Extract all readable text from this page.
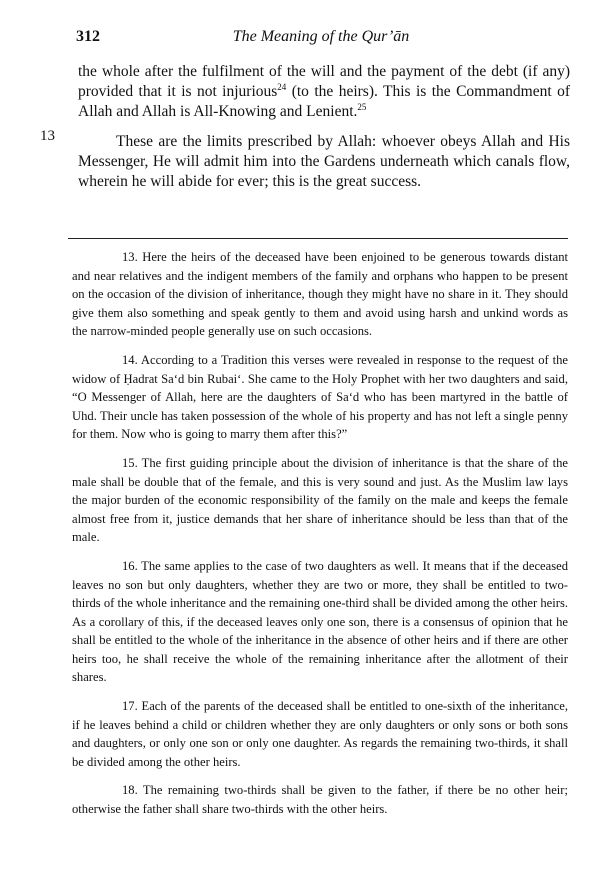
312	The Meaning of the Qur’ān
the whole after the fulfilment of the will and the payment of the debt (if any) provided that it is not injurious$^{24}$ (to the heirs). This is the Commandment of Allah and Allah is All-Knowing and Lenient.$^{25}$
13	These are the limits prescribed by Allah: whoever obeys Allah and His Messenger, He will admit him into the Gardens underneath which canals flow, wherein he will abide for ever; this is the great success.

13. Here the heirs of the deceased have been enjoined to be generous towards distant and near relatives and the indigent members of the family and orphans who happen to be present on the occasion of the division of inheritance, though they might have no share in it. They should give them also something and speak gently to them and avoid using harsh and unkind words as the narrow-minded people generally use on such occasions.

14. According to a Tradition this verses were revealed in response to the request of the widow of Ḥadrat Sa‘d bin Rubai‘. She came to the Holy Prophet with her two daughters and said, “O Messenger of Allah, here are the daughters of Sa‘d who has been martyred in the battle of Uhd. Their uncle has taken possession of the whole of his property and has not left a single penny for them. Now who is going to marry them after this?”

15. The first guiding principle about the division of inheritance is that the share of the male shall be double that of the female, and this is very sound and just. As the Muslim law lays the major burden of the economic responsibility of the family on the male and keeps the female almost free from it, justice demands that her share of inheritance should be less than that of the male.

16. The same applies to the case of two daughters as well. It means that if the deceased leaves no son but only daughters, whether they are two or more, they shall be entitled to two-thirds of the whole inheritance and the remaining one-third shall be divided among the other heirs. As a corollary of this, if the deceased leaves only one son, there is a consensus of opinion that he shall be entitled to the whole of the inheritance in the absence of other heirs and if there are other heirs too, he shall receive the whole of the remaining inheritance after the allotment of their shares.

17. Each of the parents of the deceased shall be entitled to one-sixth of the inheritance, if he leaves behind a child or children whether they are only daughters or only sons or both sons and daughters, or only one son or only one daughter. As regards the remaining two-thirds, it shall be divided among the other heirs.

18. The remaining two-thirds shall be given to the father, if there be no other heir; otherwise the father shall share two-thirds with the other heirs.
